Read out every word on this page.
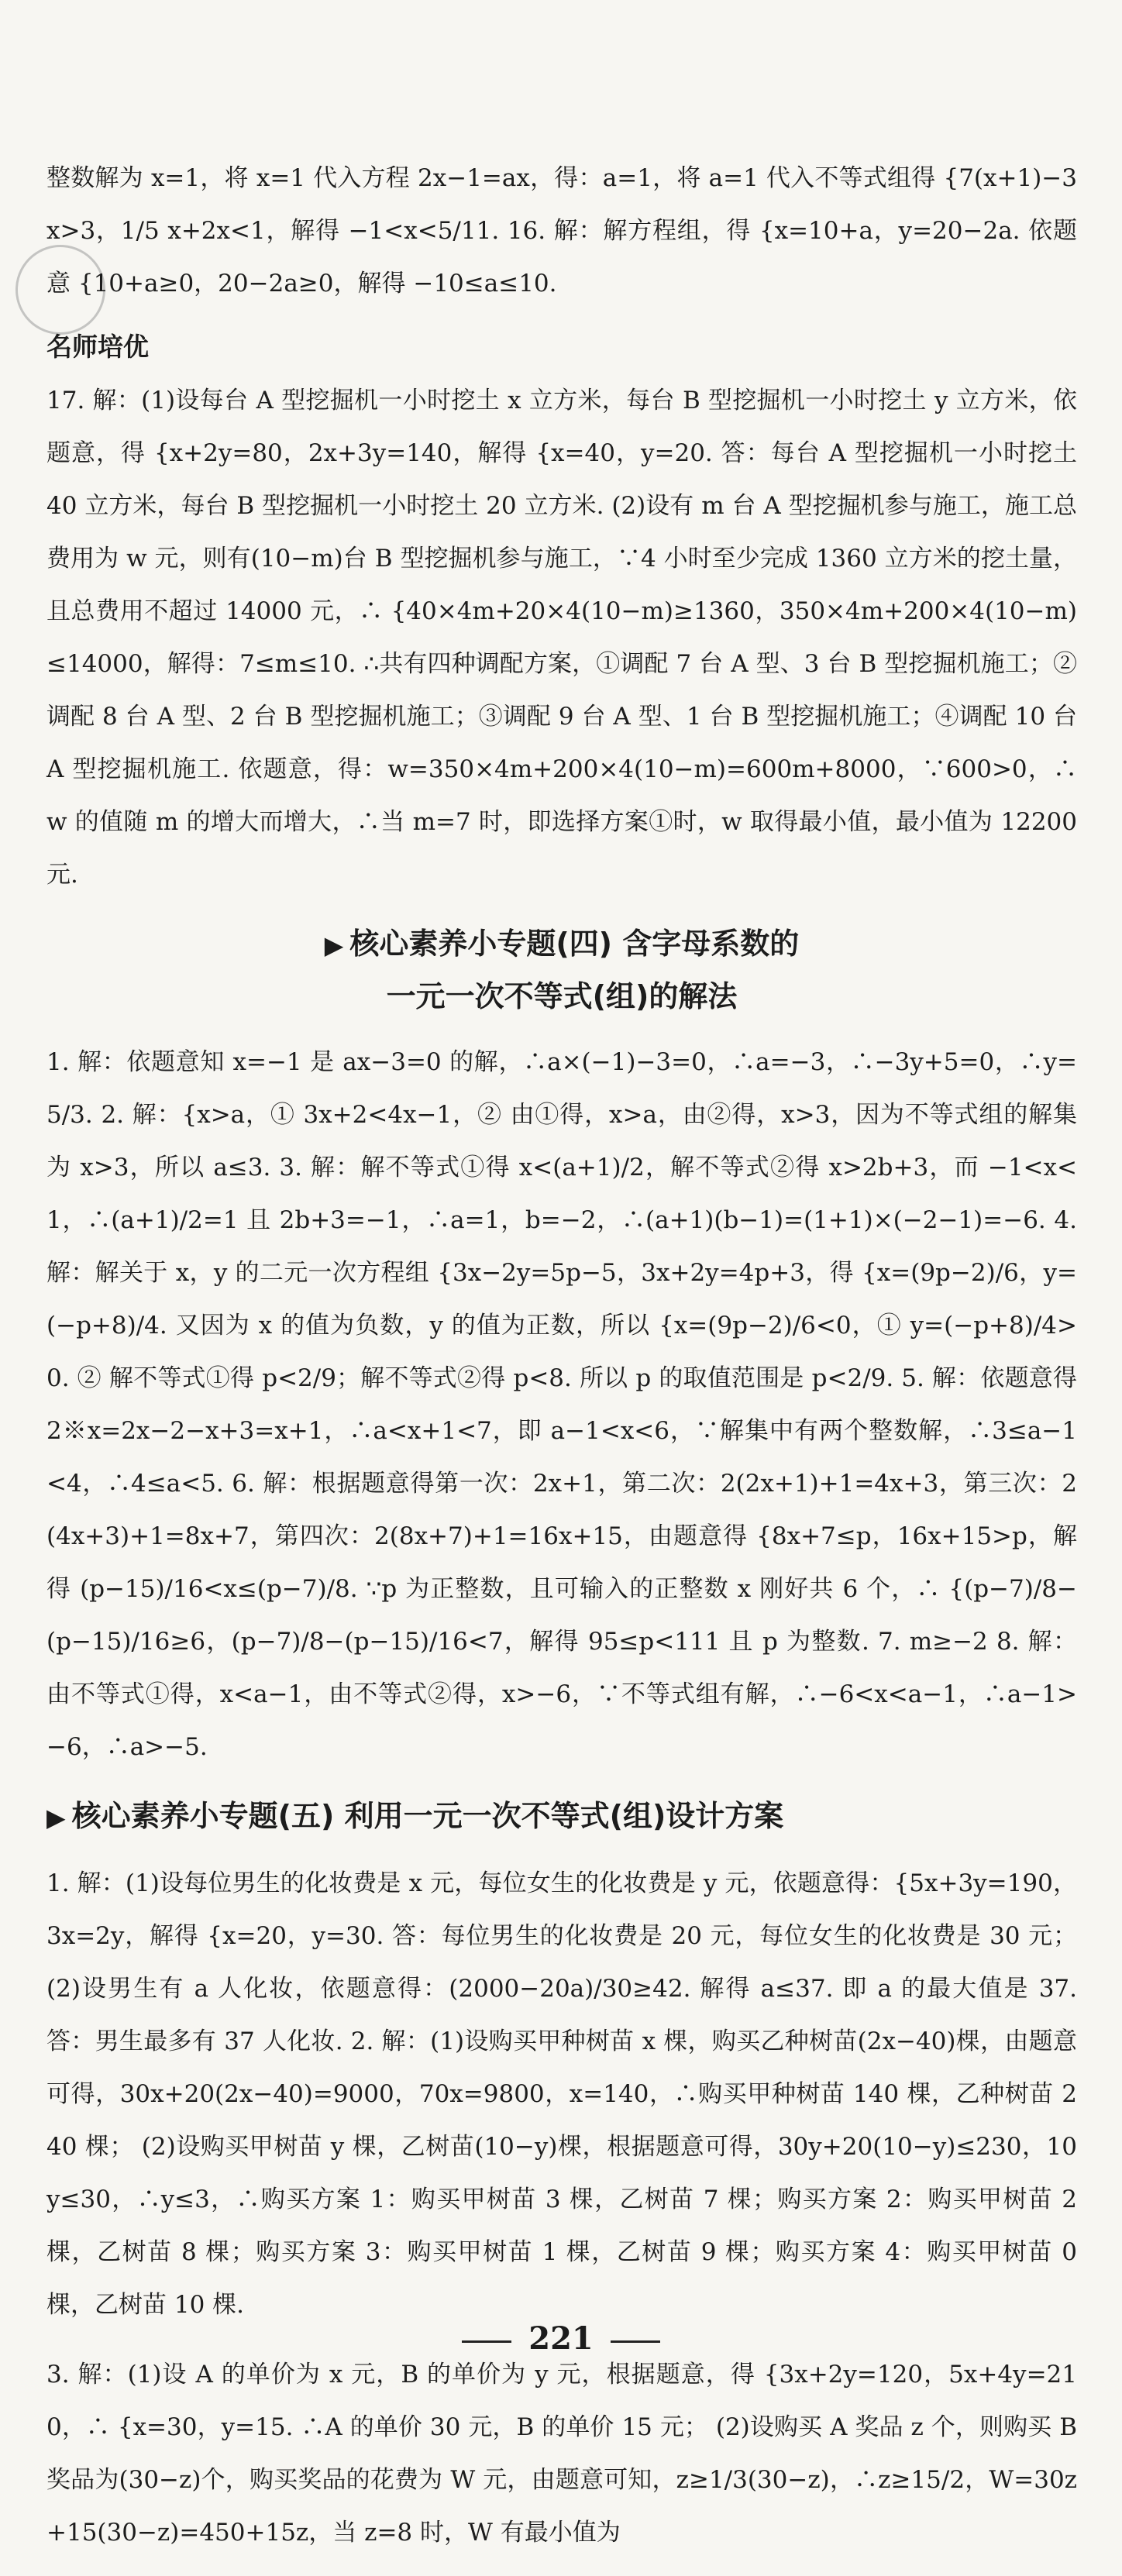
整数解为 x=1，将 x=1 代入方程 2x−1=ax，得：a=1，将 a=1 代入不等式组得 {7(x+1)−3x>3，1/5 x+2x<1，解得 −1<x<5/11. 16. 解：解方程组，得 {x=10+a，y=20−2a. 依题意 {10+a≥0，20−2a≥0，解得 −10≤a≤10.

名师培优

17. 解：(1)设每台 A 型挖掘机一小时挖土 x 立方米，每台 B 型挖掘机一小时挖土 y 立方米，依题意，得 {x+2y=80，2x+3y=140，解得 {x=40，y=20. 答：每台 A 型挖掘机一小时挖土 40 立方米，每台 B 型挖掘机一小时挖土 20 立方米. (2)设有 m 台 A 型挖掘机参与施工，施工总费用为 w 元，则有(10−m)台 B 型挖掘机参与施工，∵4 小时至少完成 1360 立方米的挖土量，且总费用不超过 14000 元，∴ {40×4m+20×4(10−m)≥1360，350×4m+200×4(10−m)≤14000，解得：7≤m≤10. ∴共有四种调配方案，①调配 7 台 A 型、3 台 B 型挖掘机施工；②调配 8 台 A 型、2 台 B 型挖掘机施工；③调配 9 台 A 型、1 台 B 型挖掘机施工；④调配 10 台 A 型挖掘机施工. 依题意，得：w=350×4m+200×4(10−m)=600m+8000，∵600>0，∴w 的值随 m 的增大而增大，∴当 m=7 时，即选择方案①时，w 取得最小值，最小值为 12200 元.

▶ 核心素养小专题(四) 含字母系数的
一元一次不等式(组)的解法

1. 解：依题意知 x=−1 是 ax−3=0 的解，∴a×(−1)−3=0，∴a=−3，∴−3y+5=0，∴y=5/3. 2. 解：{x>a，① 3x+2<4x−1，② 由①得，x>a，由②得，x>3，因为不等式组的解集为 x>3，所以 a≤3. 3. 解：解不等式①得 x<(a+1)/2，解不等式②得 x>2b+3，而 −1<x<1，∴(a+1)/2=1 且 2b+3=−1，∴a=1，b=−2，∴(a+1)(b−1)=(1+1)×(−2−1)=−6. 4. 解：解关于 x，y 的二元一次方程组 {3x−2y=5p−5，3x+2y=4p+3，得 {x=(9p−2)/6，y=(−p+8)/4. 又因为 x 的值为负数，y 的值为正数，所以 {x=(9p−2)/6<0，① y=(−p+8)/4>0. ② 解不等式①得 p<2/9；解不等式②得 p<8. 所以 p 的取值范围是 p<2/9. 5. 解：依题意得 2※x=2x−2−x+3=x+1，∴a<x+1<7，即 a−1<x<6，∵解集中有两个整数解，∴3≤a−1<4，∴4≤a<5. 6. 解：根据题意得第一次：2x+1，第二次：2(2x+1)+1=4x+3，第三次：2(4x+3)+1=8x+7，第四次：2(8x+7)+1=16x+15，由题意得 {8x+7≤p，16x+15>p，解得 (p−15)/16<x≤(p−7)/8. ∵p 为正整数，且可输入的正整数 x 刚好共 6 个，∴ {(p−7)/8−(p−15)/16≥6，(p−7)/8−(p−15)/16<7，解得 95≤p<111 且 p 为整数. 7. m≥−2 8. 解：由不等式①得，x<a−1，由不等式②得，x>−6，∵不等式组有解，∴−6<x<a−1，∴a−1>−6，∴a>−5.

▶ 核心素养小专题(五) 利用一元一次不等式(组)设计方案

1. 解：(1)设每位男生的化妆费是 x 元，每位女生的化妆费是 y 元，依题意得：{5x+3y=190，3x=2y，解得 {x=20，y=30. 答：每位男生的化妆费是 20 元，每位女生的化妆费是 30 元； (2)设男生有 a 人化妆，依题意得：(2000−20a)/30≥42. 解得 a≤37. 即 a 的最大值是 37. 答：男生最多有 37 人化妆. 2. 解：(1)设购买甲种树苗 x 棵，购买乙种树苗(2x−40)棵，由题意可得，30x+20(2x−40)=9000，70x=9800，x=140，∴购买甲种树苗 140 棵，乙种树苗 240 棵； (2)设购买甲树苗 y 棵，乙树苗(10−y)棵，根据题意可得，30y+20(10−y)≤230，10y≤30，∴y≤3，∴购买方案 1：购买甲树苗 3 棵，乙树苗 7 棵；购买方案 2：购买甲树苗 2 棵，乙树苗 8 棵；购买方案 3：购买甲树苗 1 棵，乙树苗 9 棵；购买方案 4：购买甲树苗 0 棵，乙树苗 10 棵.

3. 解：(1)设 A 的单价为 x 元，B 的单价为 y 元，根据题意，得 {3x+2y=120，5x+4y=210，∴ {x=30，y=15. ∴A 的单价 30 元，B 的单价 15 元； (2)设购买 A 奖品 z 个，则购买 B 奖品为(30−z)个，购买奖品的花费为 W 元，由题意可知，z≥1/3(30−z)，∴z≥15/2，W=30z+15(30−z)=450+15z，当 z=8 时，W 有最小值为

221
